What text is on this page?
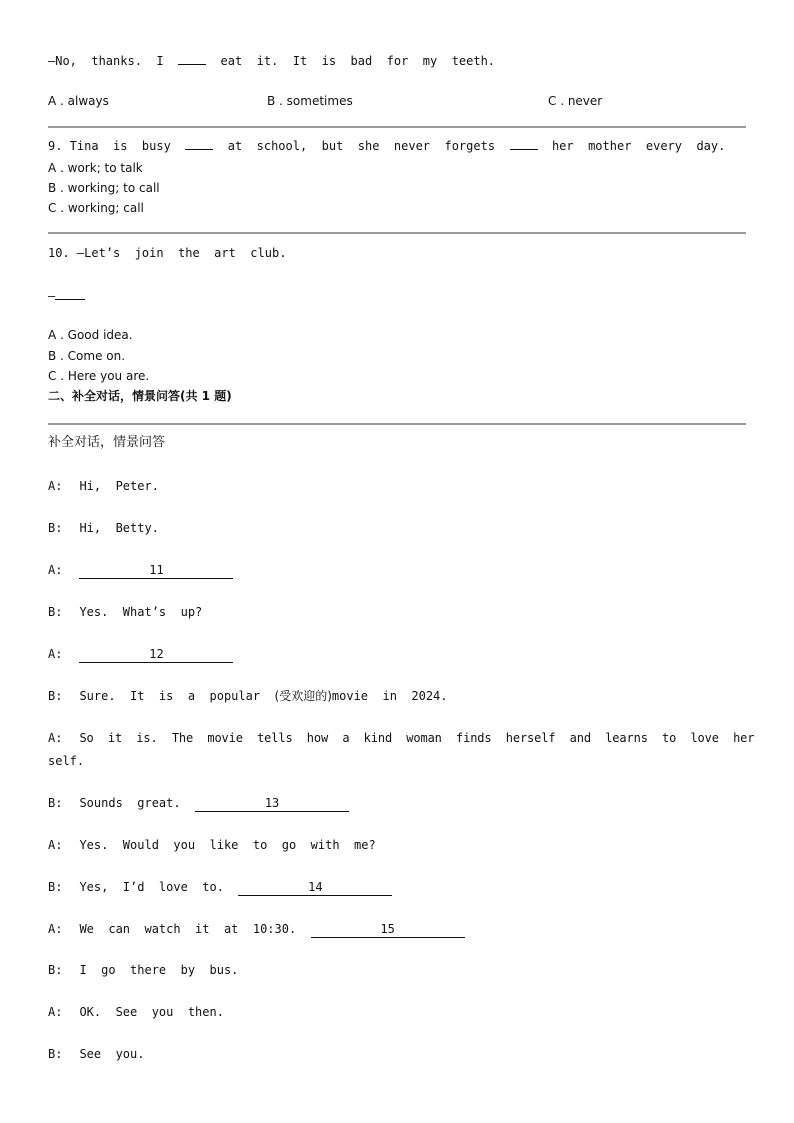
—No,  thanks.  I	eat  it.  It  is  bad  for  my  teeth.
A . always	B . sometimes	C . never
9. Tina  is  busy	at  school,  but  she  never  forgets	her  mother  every  day.
A . work; to talk
B . working; to call
C . working; call
10. —Let’s  join  the  art  club.
—
A . Good idea.
B . Come on.
C . Here you are.
二、补全对话，情景问答(共 1 题)
补全对话，情景问答
A: Hi,  Peter.
B: Hi,  Betty.
A:	11
B: Yes.  What’s  up?
A:	12
B: Sure.  It  is  a  popular (受欢迎的)movie  in  2024.
A: So  it  is.  The  movie  tells  how  a  kind  woman  finds  herself  and  learns  to  love  her
self.
B: Sounds  great.	13
A: Yes.  Would  you  like  to  go  with  me?
B: Yes,  I’d  love  to.	14
A: We  can  watch  it  at  10:30.	15
B: I  go  there  by  bus.
A: OK.  See  you  then.
B: See  you.
